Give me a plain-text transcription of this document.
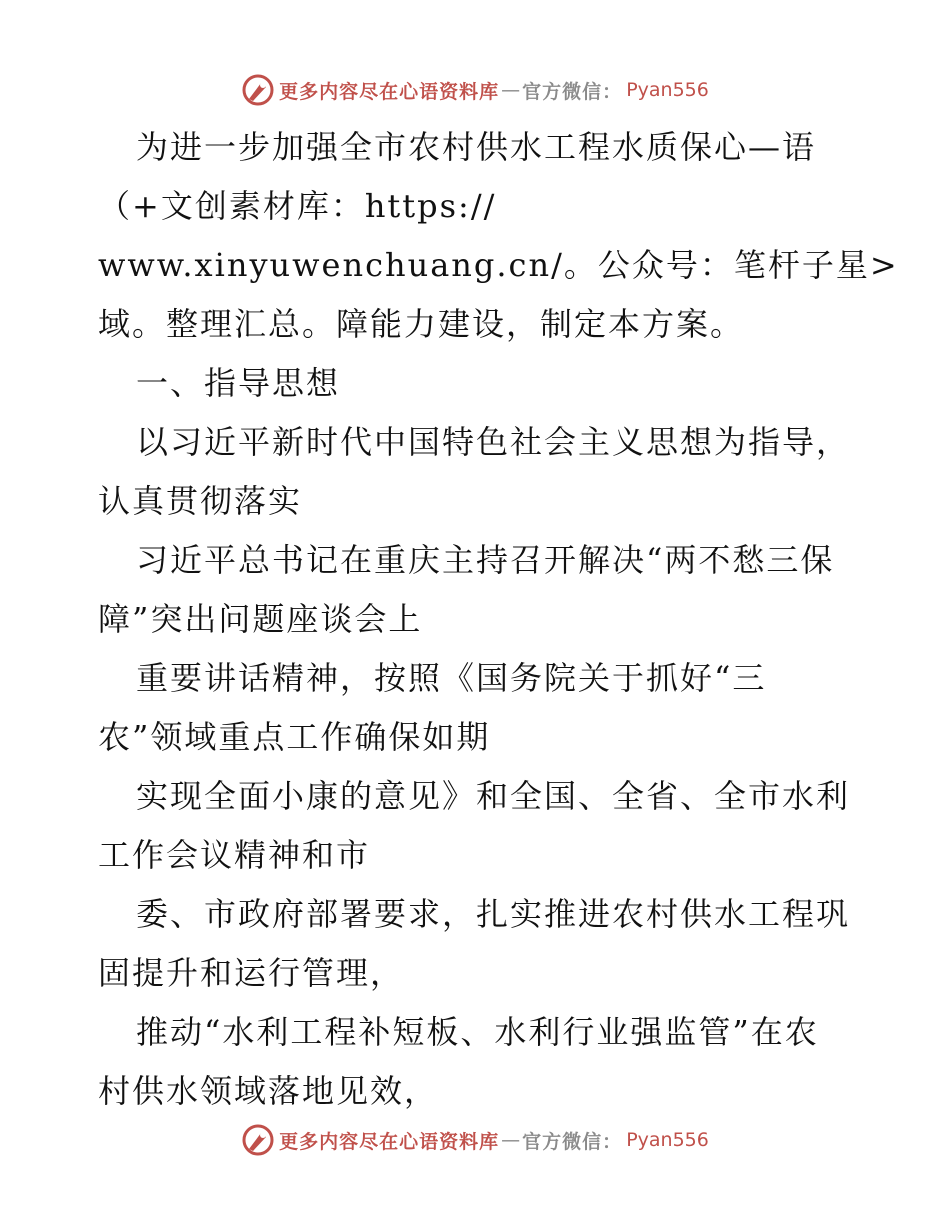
更多内容尽在心语资料库 — 官方微信： Pyan556
为进一步加强全市农村供水工程水质保心—语
（+文创素材库：https://
www.xinyuwenchuang.cn/。公众号：笔杆子星>
域。整理汇总。障能力建设，制定本方案。
一、指导思想
以习近平新时代中国特色社会主义思想为指导，
认真贯彻落实
习近平总书记在重庆主持召开解决“两不愁三保
障”突出问题座谈会上
重要讲话精神，按照《国务院关于抓好“三
农”领域重点工作确保如期
实现全面小康的意见》和全国、全省、全市水利
工作会议精神和市
委、市政府部署要求，扎实推进农村供水工程巩
固提升和运行管理，
推动“水利工程补短板、水利行业强监管”在农
村供水领域落地见效，
更多内容尽在心语资料库 — 官方微信： Pyan556
